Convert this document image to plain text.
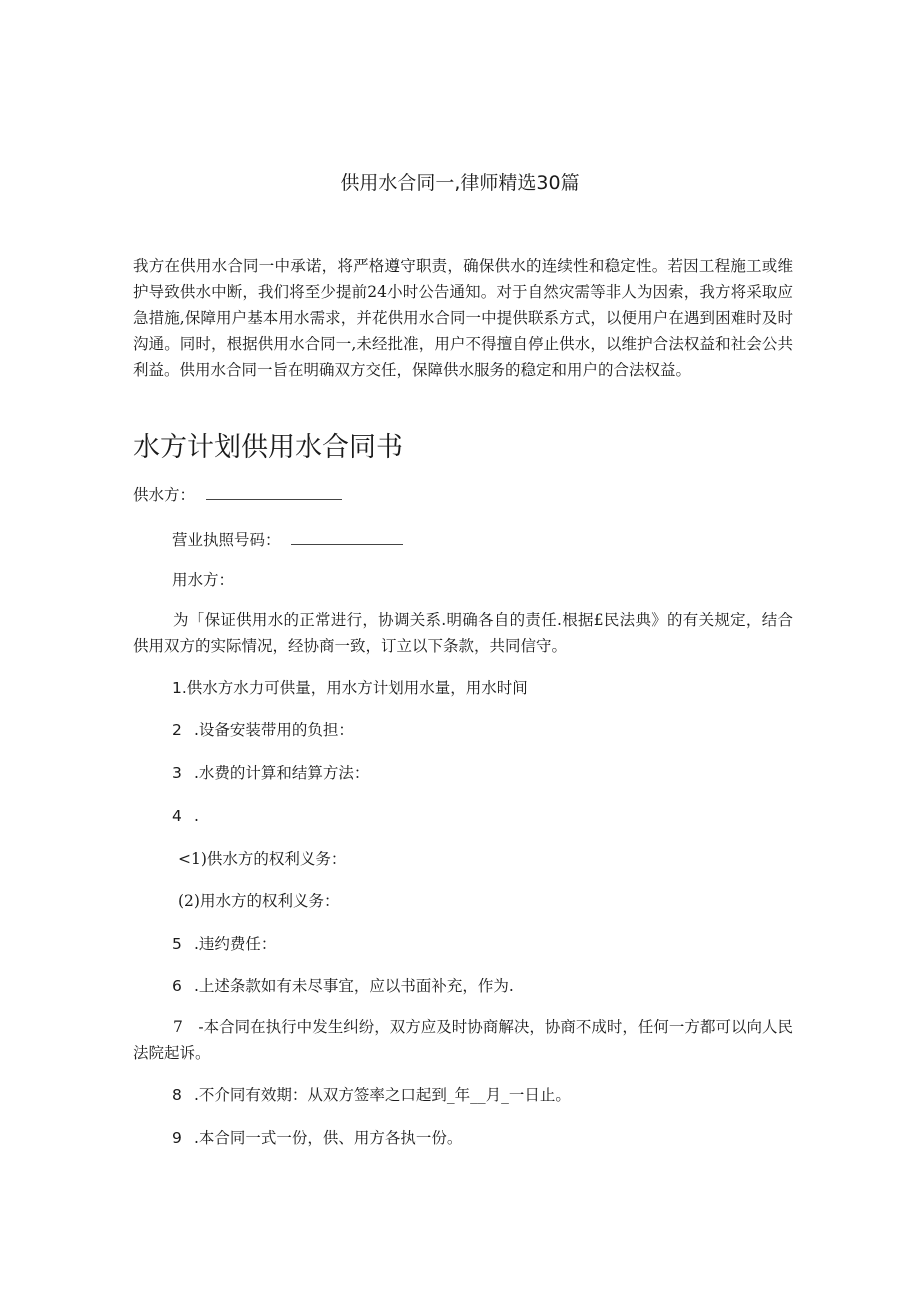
供用水合同一,律师精选30篇
我方在供用水合同一中承诺，将严格遵守职责，确保供水的连续性和稳定性。若因工程施工或维护导致供水中断，我们将至少提前24小时公告通知。对于自然灾需等非人为因索，我方将采取应急措施,保障用户基本用水需求，并花供用水合同一中提供联系方式，以便用户在遇到困难时及时沟通。同时，根据供用水合同一,未经批准，用户不得擅自停止供水，以维护合法权益和社会公共利益。供用水合同一旨在明确双方交任，保障供水服务的稳定和用户的合法权益。
水方计划供用水合同书
供水方：
营业执照号码：
用水方：
为「保证供用水的正常进行，协调关系.明确各自的责任.根据£民法典》的有关规定，结合供用双方的实际情况，经协商一致，订立以下条款，共同信守。
1.供水方水力可供量，用水方计划用水量，用水时间
2 .设备安装带用的负担：
3 .水费的计算和结算方法：
4 .
<1)供水方的权利义务：
(2)用水方的权利义务：
5 .违约费任：
6 .上述条款如有未尽事宜，应以书面补充，作为.
7　-本合同在执行中发生纠纷，双方应及时协商解决，协商不成时，任何一方都可以向人民法院起诉。
8 .不介同有效期：从双方签率之口起到_年__月_一日止。
9 .本合同一式一份，供、用方各执一份。
